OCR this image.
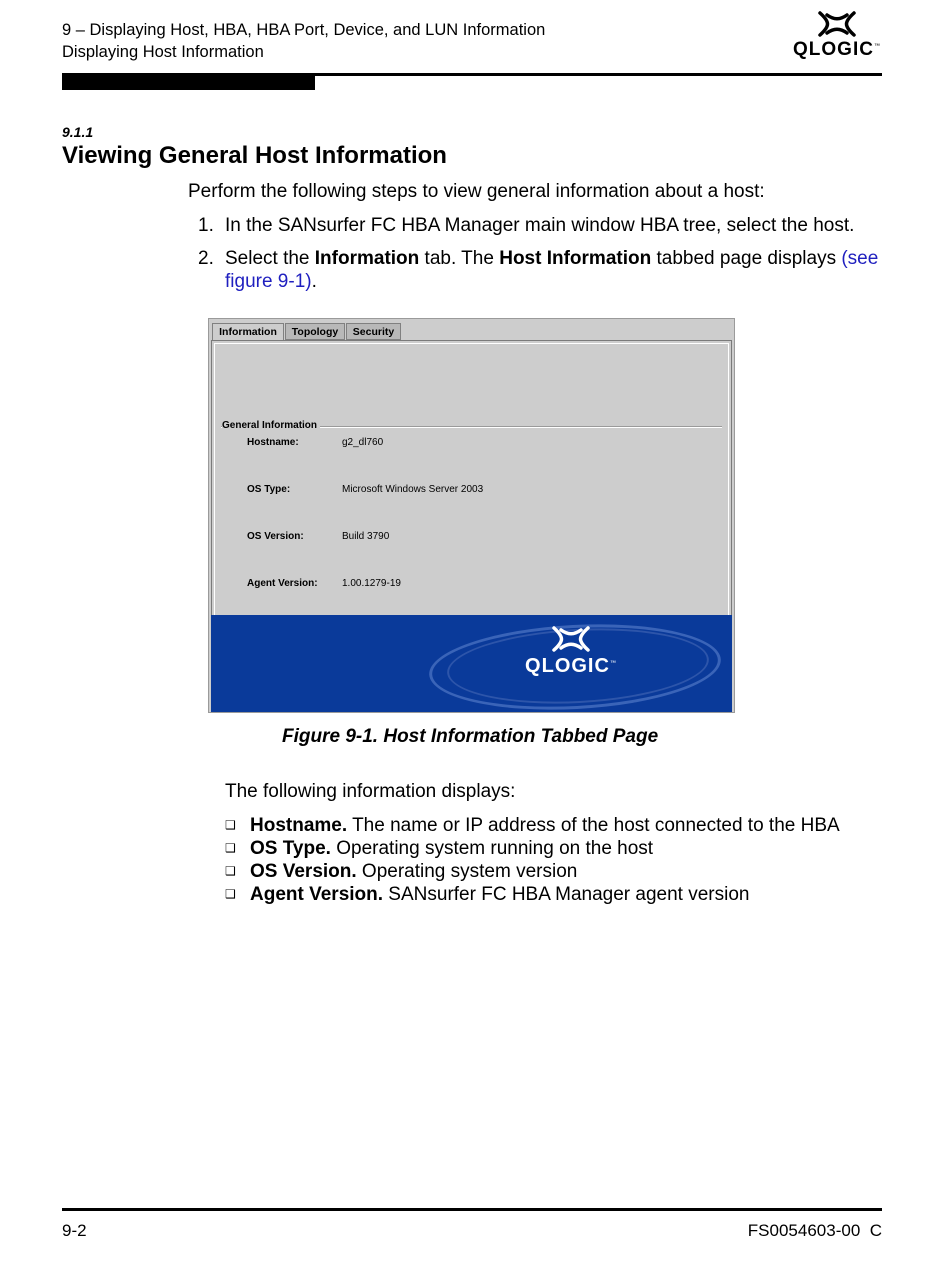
9 – Displaying Host, HBA, HBA Port, Device, and LUN Information
Displaying Host Information	QLOGIC™
9.1.1
Viewing General Host Information
Perform the following steps to view general information about a host:
1. In the SANsurfer FC HBA Manager main window HBA tree, select the host.
2. Select the Information tab. The Host Information tabbed page displays (see figure 9-1).
Information	Topology	Security
General Information
Hostname:	g2_dl760
OS Type:	Microsoft Windows Server 2003
OS Version:	Build 3790
Agent Version: 1.00.1279-19
QLOGIC™
Figure 9-1. Host Information Tabbed Page
The following information displays:
❑ Hostname. The name or IP address of the host connected to the HBA
❑ OS Type. Operating system running on the host
❑ OS Version. Operating system version
❑ Agent Version. SANsurfer FC HBA Manager agent version
9-2	FS0054603-00  C
